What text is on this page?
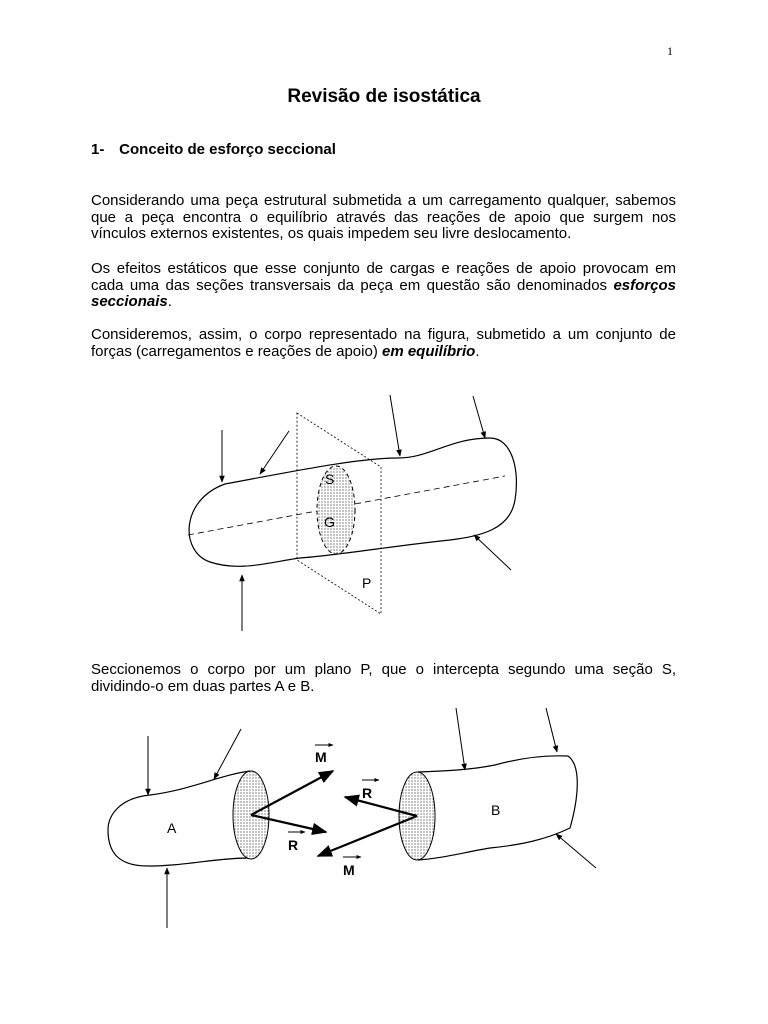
1
Revisão de isostática
1- Conceito de esforço seccional
Considerando uma peça estrutural submetida a um carregamento qualquer, sabemos que a peça encontra o equilíbrio através das reações de apoio que surgem nos vínculos externos existentes, os quais impedem seu livre deslocamento.
Os efeitos estáticos que esse conjunto de cargas e reações de apoio provocam em cada uma das seções transversais da peça em questão são denominados esforços seccionais.
Consideremos, assim, o corpo representado na figura, submetido a um conjunto de forças (carregamentos e reações de apoio) em equilíbrio.
Seccionemos o corpo por um plano P, que o intercepta segundo uma seção S, dividindo-o em duas partes A e B.
S
G
P
A
M
R
B
R
M
